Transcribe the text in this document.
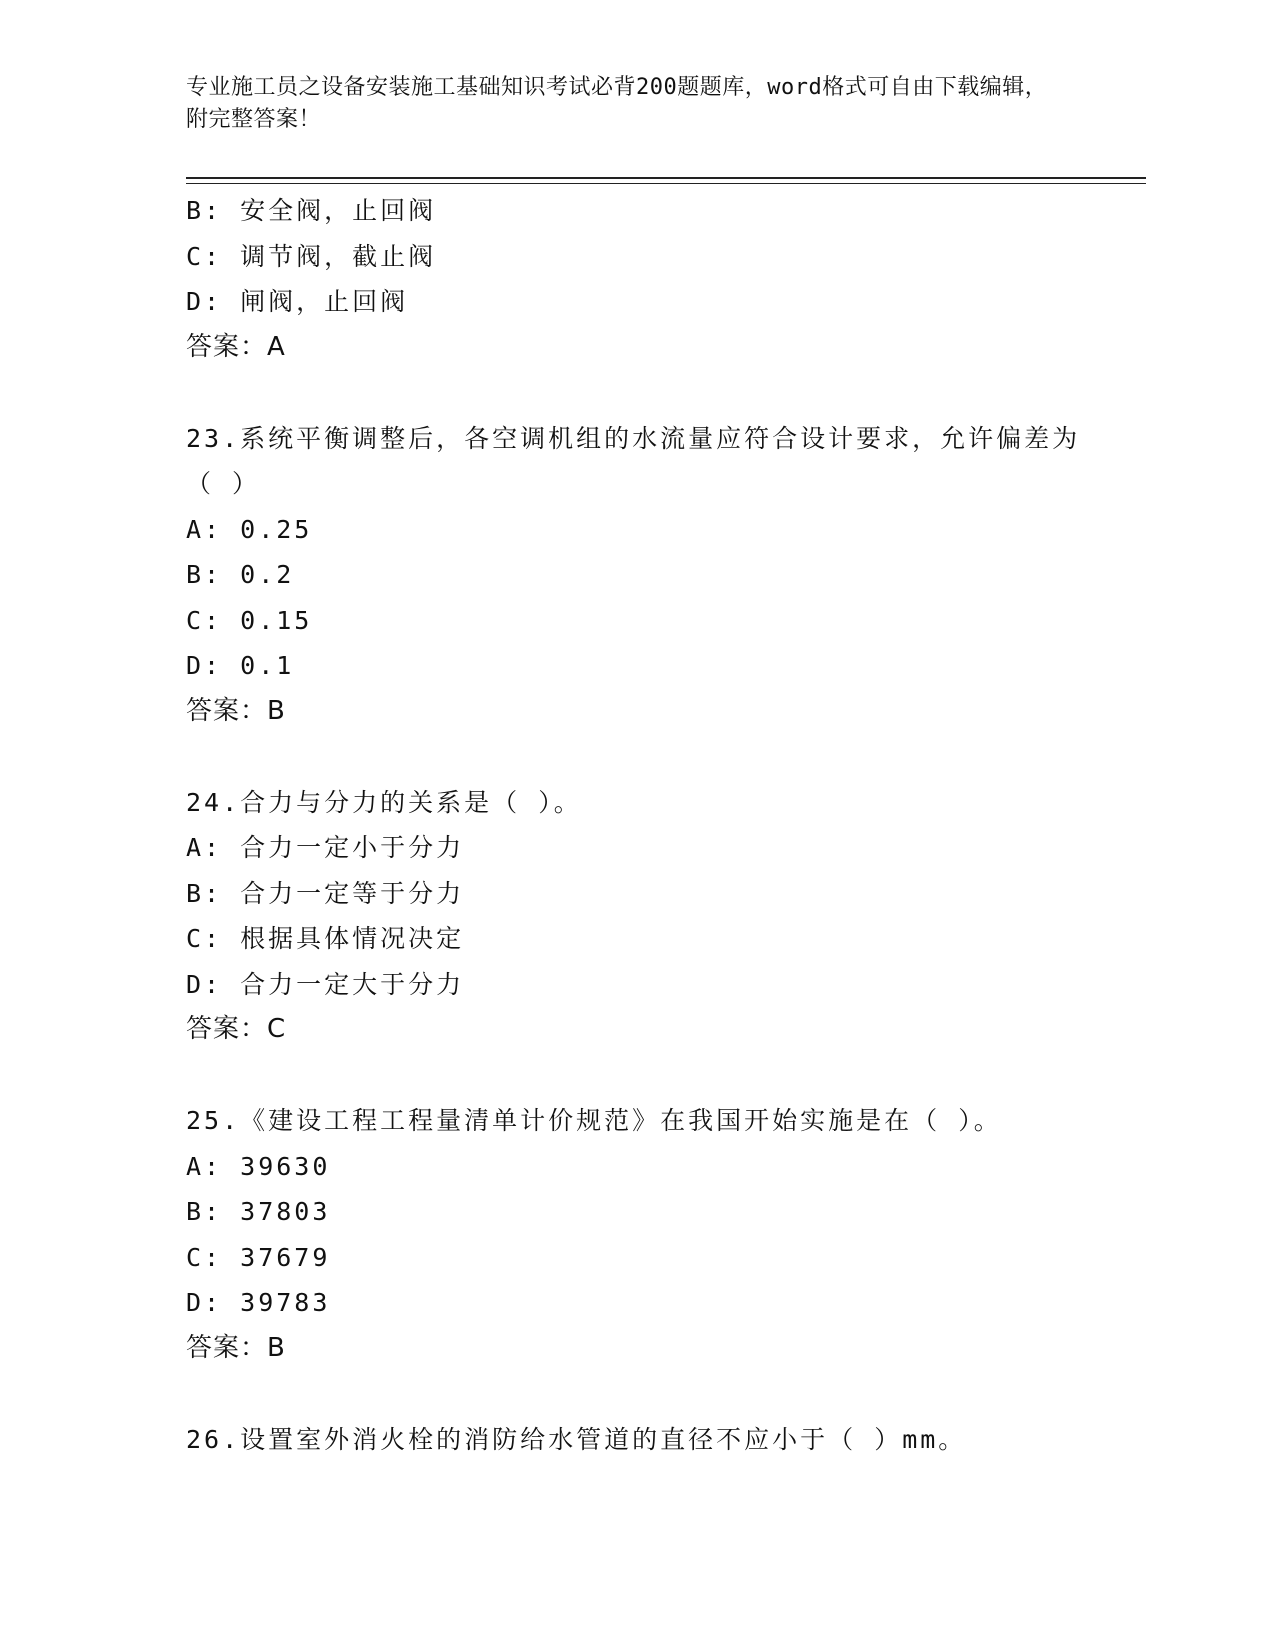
专业施工员之设备安装施工基础知识考试必背200题题库，word格式可自由下载编辑，附完整答案！
B: 安全阀，止回阀
C: 调节阀，截止阀
D: 闸阀，止回阀
答案：A
23.系统平衡调整后，各空调机组的水流量应符合设计要求，允许偏差为（ ）
A: 0.25
B: 0.2
C: 0.15
D: 0.1
答案：B
24.合力与分力的关系是（ ）。
A: 合力一定小于分力
B: 合力一定等于分力
C: 根据具体情况决定
D: 合力一定大于分力
答案：C
25.《建设工程工程量清单计价规范》在我国开始实施是在（ ）。
A: 39630
B: 37803
C: 37679
D: 39783
答案：B
26.设置室外消火栓的消防给水管道的直径不应小于（ ）mm。
